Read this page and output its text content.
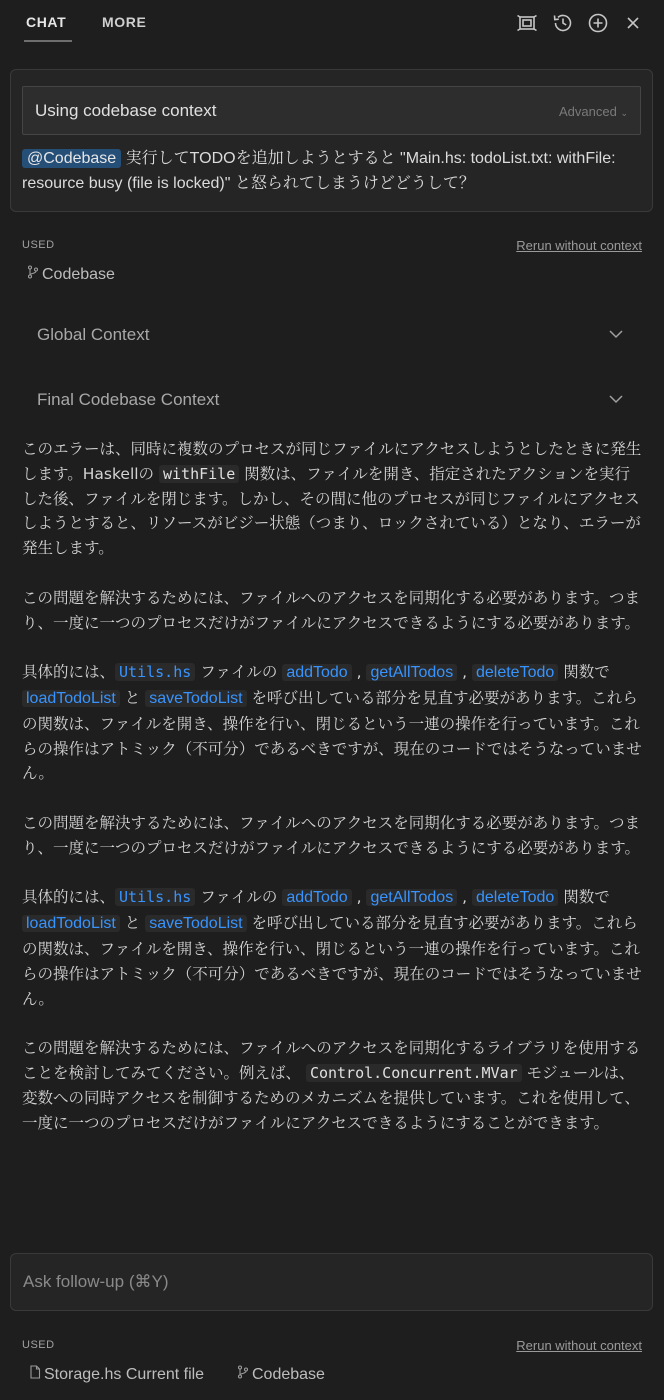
CHAT	MORE
Using codebase context	Advanced ⌄
@Codebase 実行してTODOを追加しようとすると "Main.hs: todoList.txt: withFile: resource busy (file is locked)" と怒られてしまうけどどうして？
USED	Rerun without context
Codebase
Global Context
Final Codebase Context

このエラーは、同時に複数のプロセスが同じファイルにアクセスしようとしたときに発生します。Haskellの withFile 関数は、ファイルを開き、指定されたアクションを実行した後、ファイルを閉じます。しかし、その間に他のプロセスが同じファイルにアクセスしようとすると、リソースがビジー状態（つまり、ロックされている）となり、エラーが発生します。

この問題を解決するためには、ファイルへのアクセスを同期化する必要があります。つまり、一度に一つのプロセスだけがファイルにアクセスできるようにする必要があります。

具体的には、 Utils.hs ファイルの addTodo , getAllTodos , deleteTodo 関数で loadTodoList と saveTodoList を呼び出している部分を見直す必要があります。これらの関数は、ファイルを開き、操作を行い、閉じるという一連の操作を行っています。これらの操作はアトミック（不可分）であるべきですが、現在のコードではそうなっていません。

この問題を解決するためには、ファイルへのアクセスを同期化する必要があります。つまり、一度に一つのプロセスだけがファイルにアクセスできるようにする必要があります。

具体的には、 Utils.hs ファイルの addTodo , getAllTodos , deleteTodo 関数で loadTodoList と saveTodoList を呼び出している部分を見直す必要があります。これらの関数は、ファイルを開き、操作を行い、閉じるという一連の操作を行っています。これらの操作はアトミック（不可分）であるべきですが、現在のコードではそうなっていません。

この問題を解決するためには、ファイルへのアクセスを同期化するライブラリを使用することを検討してみてください。例えば、 Control.Concurrent.MVar モジュールは、変数への同時アクセスを制御するためのメカニズムを提供しています。これを使用して、一度に一つのプロセスだけがファイルにアクセスできるようにすることができます。

Ask follow-up (⌘Y)
USED	Rerun without context
Storage.hs Current file	Codebase
